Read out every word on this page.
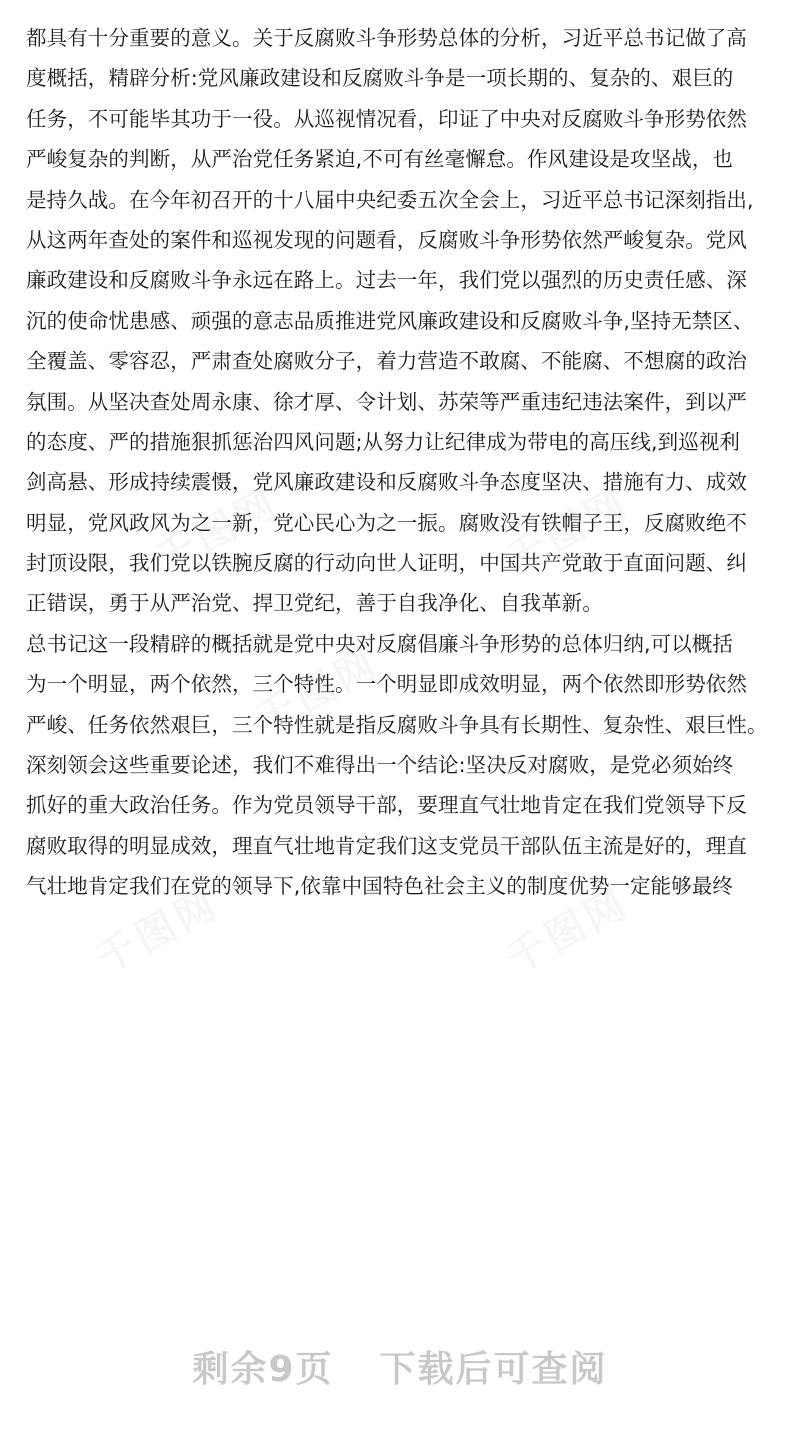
千图网	千图网
千图网
千图网	千图网
都具有十分重要的意义。关于反腐败斗争形势总体的分析，习近平总书记做了高
度概括，精辟分析:党风廉政建设和反腐败斗争是一项长期的、复杂的、艰巨的
任务，不可能毕其功于一役。从巡视情况看，印证了中央对反腐败斗争形势依然
严峻复杂的判断，从严治党任务紧迫,不可有丝毫懈怠。作风建设是攻坚战，也
是持久战。在今年初召开的十八届中央纪委五次全会上，习近平总书记深刻指出,
从这两年查处的案件和巡视发现的问题看，反腐败斗争形势依然严峻复杂。党风
廉政建设和反腐败斗争永远在路上。过去一年，我们党以强烈的历史责任感、深
沉的使命忧患感、顽强的意志品质推进党风廉政建设和反腐败斗争,坚持无禁区、
全覆盖、零容忍，严肃查处腐败分子，着力营造不敢腐、不能腐、不想腐的政治
氛围。从坚决查处周永康、徐才厚、令计划、苏荣等严重违纪违法案件，到以严
的态度、严的措施狠抓惩治四风问题;从努力让纪律成为带电的高压线,到巡视利
剑高悬、形成持续震慑，党风廉政建设和反腐败斗争态度坚决、措施有力、成效
明显，党风政风为之一新，党心民心为之一振。腐败没有铁帽子王，反腐败绝不
封顶设限，我们党以铁腕反腐的行动向世人证明，中国共产党敢于直面问题、纠
正错误，勇于从严治党、捍卫党纪，善于自我净化、自我革新。
总书记这一段精辟的概括就是党中央对反腐倡廉斗争形势的总体归纳,可以概括
为一个明显，两个依然，三个特性。一个明显即成效明显，两个依然即形势依然
严峻、任务依然艰巨，三个特性就是指反腐败斗争具有长期性、复杂性、艰巨性。
深刻领会这些重要论述，我们不难得出一个结论:坚决反对腐败，是党必须始终
抓好的重大政治任务。作为党员领导干部，要理直气壮地肯定在我们党领导下反
腐败取得的明显成效，理直气壮地肯定我们这支党员干部队伍主流是好的，理直
气壮地肯定我们在党的领导下,依靠中国特色社会主义的制度优势一定能够最终
剩余9页 下载后可查阅
